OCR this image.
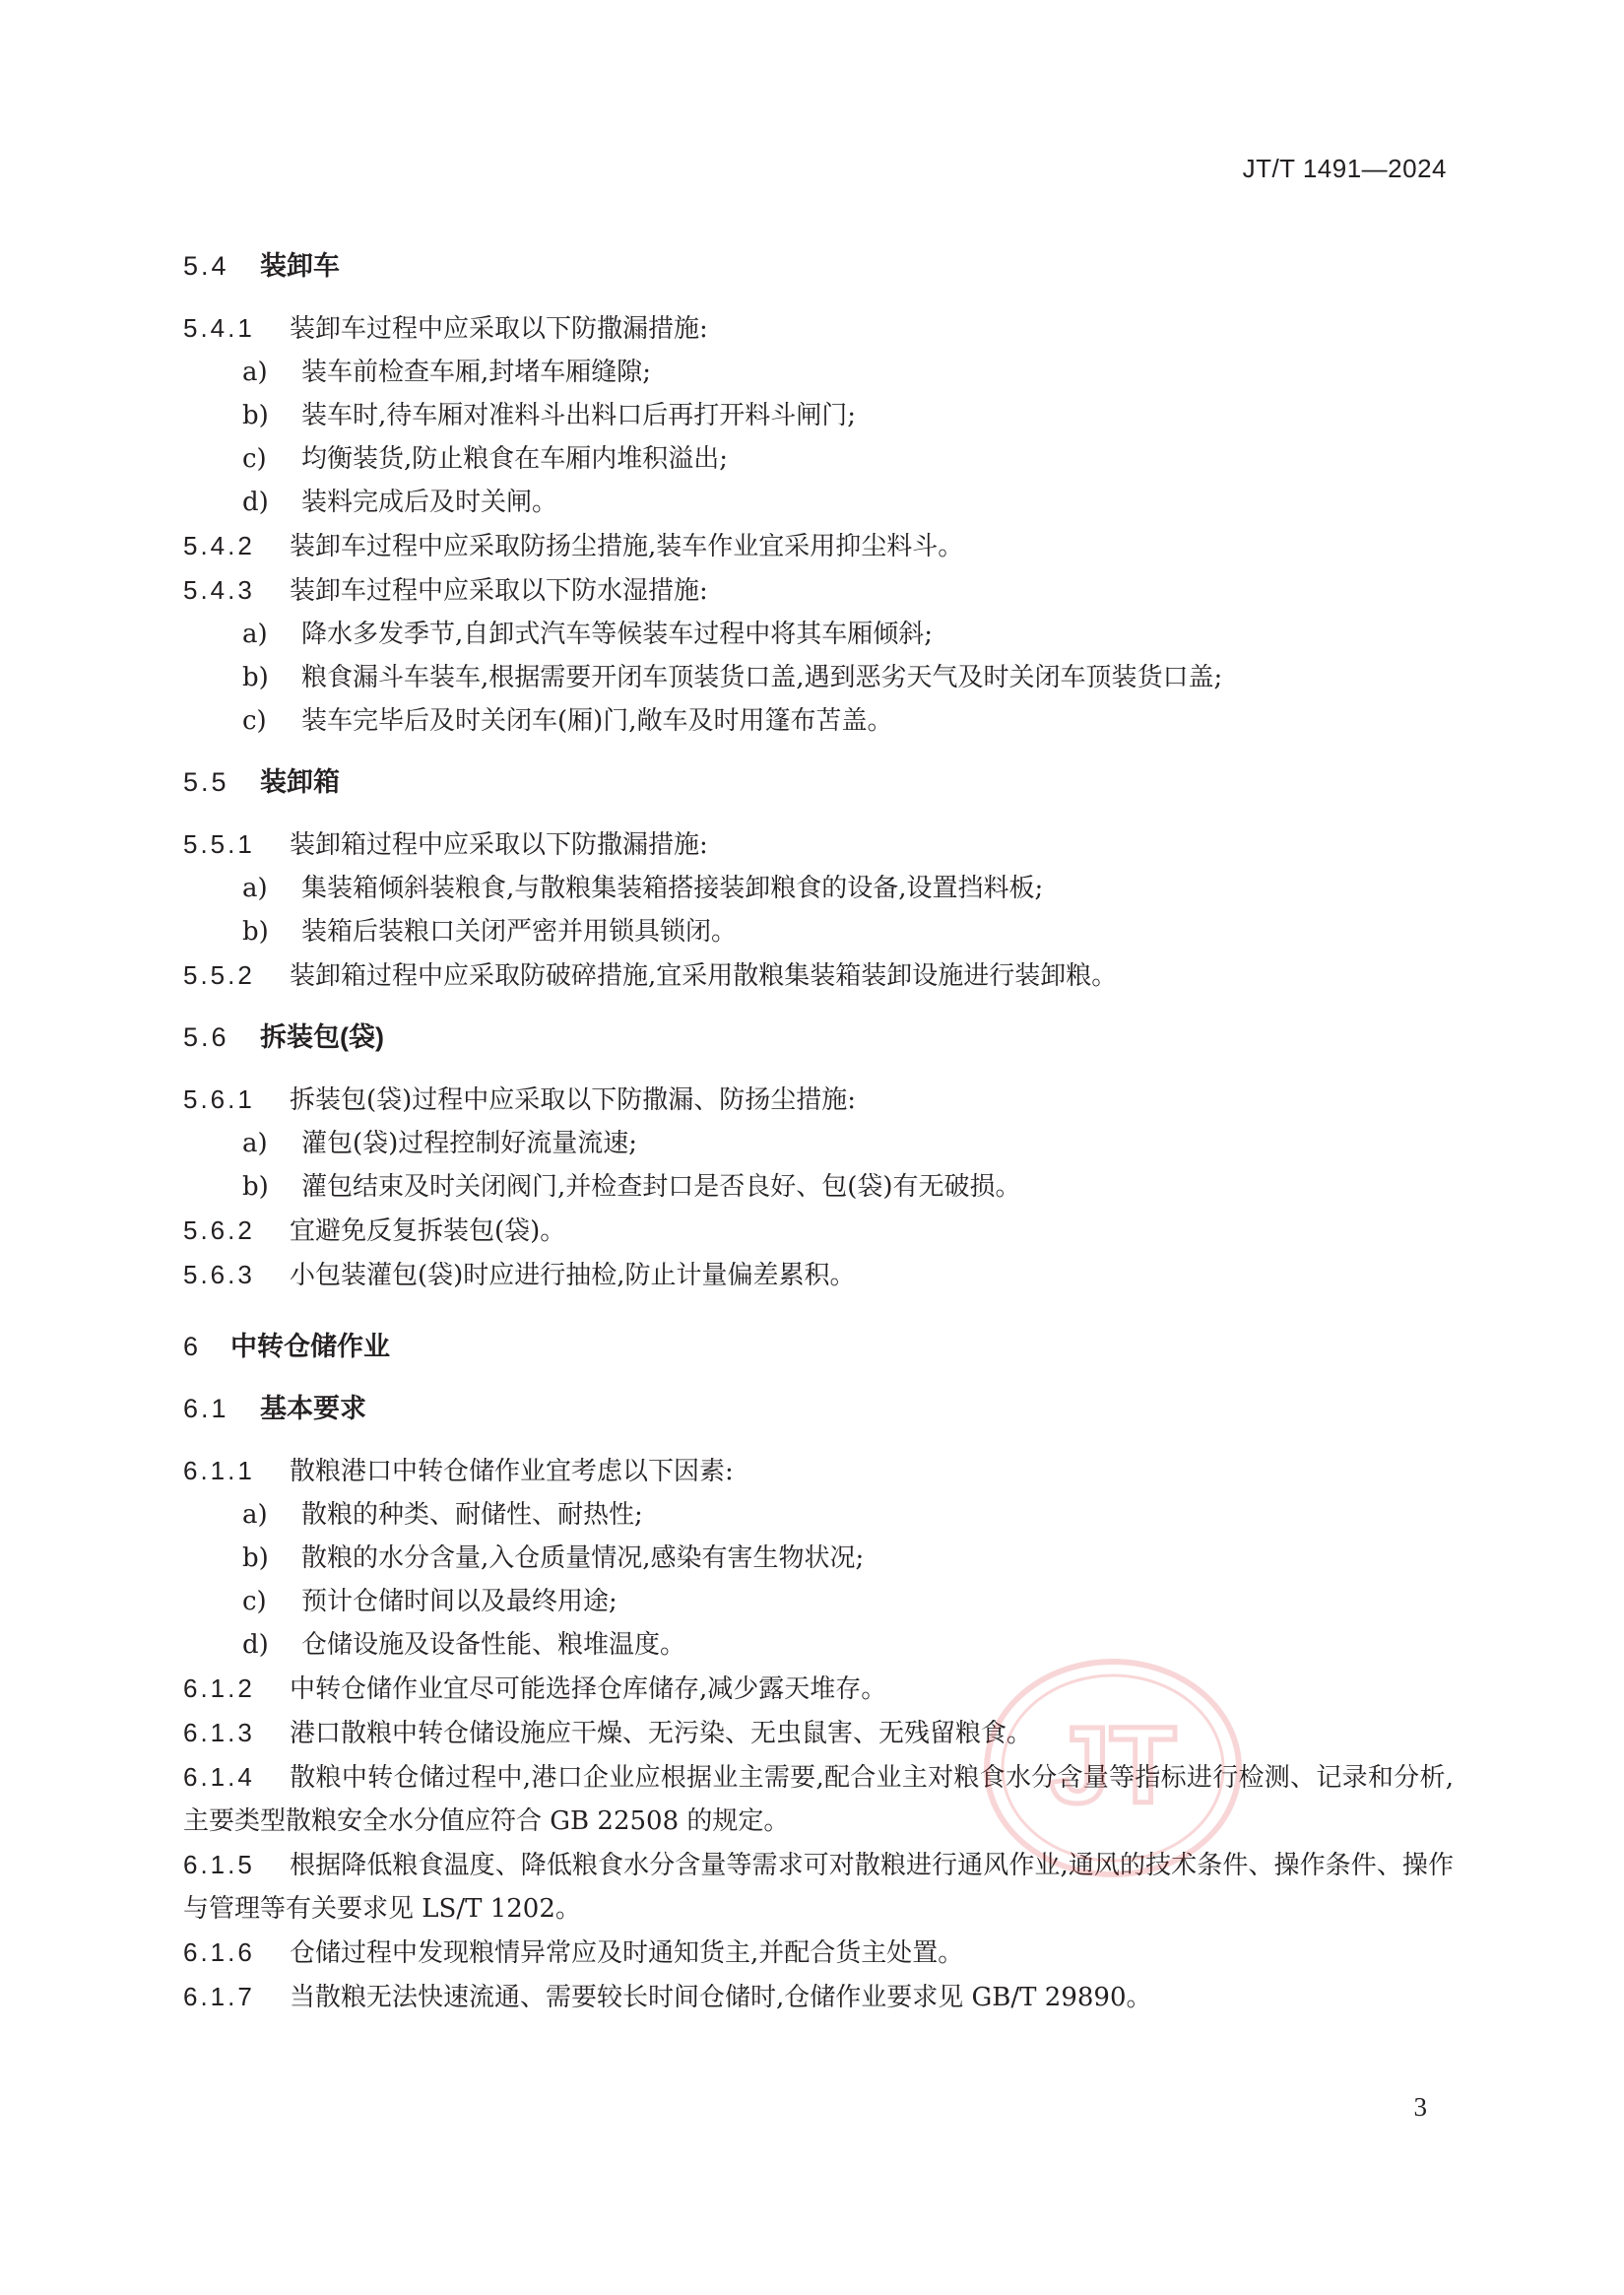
JT/T 1491—2024
5.4	装卸车
5.4.1 装卸车过程中应采取以下防撒漏措施:
a)	装车前检查车厢,封堵车厢缝隙;
b)	装车时,待车厢对准料斗出料口后再打开料斗闸门;
c)	均衡装货,防止粮食在车厢内堆积溢出;
d)	装料完成后及时关闸。
5.4.2 装卸车过程中应采取防扬尘措施,装车作业宜采用抑尘料斗。
5.4.3 装卸车过程中应采取以下防水湿措施:
a)	降水多发季节,自卸式汽车等候装车过程中将其车厢倾斜;
b)	粮食漏斗车装车,根据需要开闭车顶装货口盖,遇到恶劣天气及时关闭车顶装货口盖;
c)	装车完毕后及时关闭车(厢)门,敞车及时用篷布苫盖。
5.5	装卸箱
5.5.1 装卸箱过程中应采取以下防撒漏措施:
a)	集装箱倾斜装粮食,与散粮集装箱搭接装卸粮食的设备,设置挡料板;
b)	装箱后装粮口关闭严密并用锁具锁闭。
5.5.2 装卸箱过程中应采取防破碎措施,宜采用散粮集装箱装卸设施进行装卸粮。
5.6	拆装包(袋)
5.6.1 拆装包(袋)过程中应采取以下防撒漏、防扬尘措施:
a)	灌包(袋)过程控制好流量流速;
b)	灌包结束及时关闭阀门,并检查封口是否良好、包(袋)有无破损。
5.6.2 宜避免反复拆装包(袋)。
5.6.3 小包装灌包(袋)时应进行抽检,防止计量偏差累积。
6	中转仓储作业
6.1	基本要求
6.1.1 散粮港口中转仓储作业宜考虑以下因素:
a)	散粮的种类、耐储性、耐热性;
b)	散粮的水分含量,入仓质量情况,感染有害生物状况;
c)	预计仓储时间以及最终用途;
d)	仓储设施及设备性能、粮堆温度。
6.1.2 中转仓储作业宜尽可能选择仓库储存,减少露天堆存。
6.1.3 港口散粮中转仓储设施应干燥、无污染、无虫鼠害、无残留粮食。
6.1.4 散粮中转仓储过程中,港口企业应根据业主需要,配合业主对粮食水分含量等指标进行检测、记录和分析,主要类型散粮安全水分值应符合 GB 22508 的规定。
6.1.5 根据降低粮食温度、降低粮食水分含量等需求可对散粮进行通风作业,通风的技术条件、操作条件、操作与管理等有关要求见 LS/T 1202。
6.1.6 仓储过程中发现粮情异常应及时通知货主,并配合货主处置。
6.1.7 当散粮无法快速流通、需要较长时间仓储时,仓储作业要求见 GB/T 29890。
JT
3
